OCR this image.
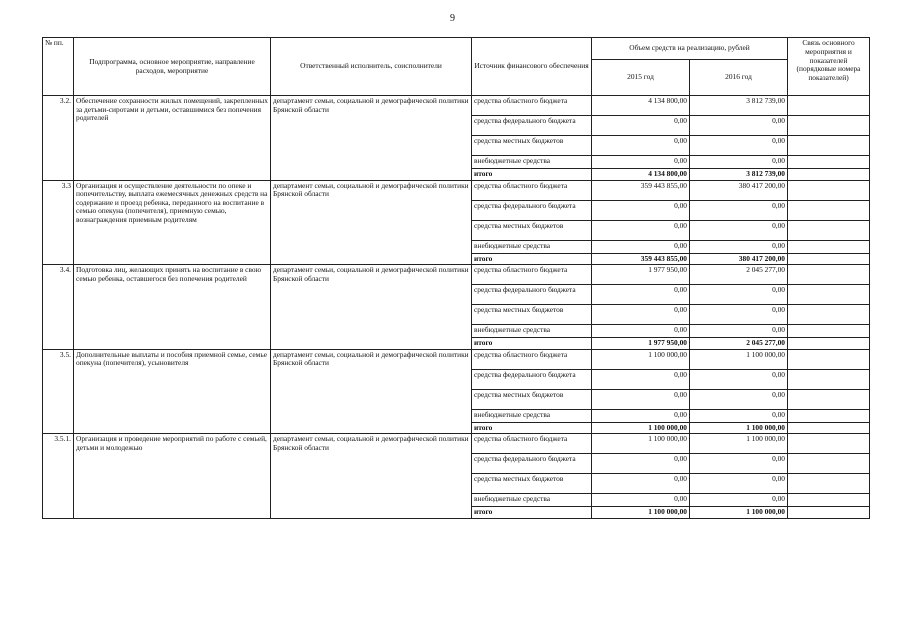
9
№ пп.	Подпрограмма, основное мероприятие, направление расходов, мероприятие	Ответственный исполнитель, соисполнители	Источник финансового обеспечения	Объем средств на реализацию, рублей		Связь основного мероприятия и показателей (порядковые номера показателей)
				2015 год	2016 год	
3.2.	Обеспечение сохранности жилых помещений, закрепленных за детьми-сиротами и детьми, оставшимися без попечения родителей	департамент семьи, социальной и демографической политики Брянской области	средства областного бюджета	4 134 800,00	3 812 739,00	
			средства федерального бюджета	0,00	0,00	
			средства местных бюджетов	0,00	0,00	
			внебюджетные средства	0,00	0,00	
			итого	4 134 800,00	3 812 739,00	
3.3	Организация и осуществление деятельности по опеке и попечительству, выплата ежемесячных денежных средств на содержание и проезд ребенка, переданного на воспитание в семью опекуна (попечителя), приемную семью, вознаграждения приемным родителям	департамент семьи, социальной и демографической политики Брянской области	средства областного бюджета	359 443 855,00	380 417 200,00	
			средства федерального бюджета	0,00	0,00	
			средства местных бюджетов	0,00	0,00	
			внебюджетные средства	0,00	0,00	
			итого	359 443 855,00	380 417 200,00	
3.4.	Подготовка лиц, желающих принять на воспитание в свою семью ребенка, оставшегося без попечения родителей	департамент семьи, социальной и демографической политики Брянской области	средства областного бюджета	1 977 950,00	2 045 277,00	
			средства федерального бюджета	0,00	0,00	
			средства местных бюджетов	0,00	0,00	
			внебюджетные средства	0,00	0,00	
			итого	1 977 950,00	2 045 277,00	
3.5.	Дополнительные выплаты и пособия приемной семье, семье опекуна (попечителя), усыновителя	департамент семьи, социальной и демографической политики Брянской области	средства областного бюджета	1 100 000,00	1 100 000,00	
			средства федерального бюджета	0,00	0,00	
			средства местных бюджетов	0,00	0,00	
			внебюджетные средства	0,00	0,00	
			итого	1 100 000,00	1 100 000,00	
3.5.1.	Организация и проведение мероприятий по работе с семьей, детьми и молодежью	департамент семьи, социальной и демографической политики Брянской области	средства областного бюджета	1 100 000,00	1 100 000,00	
			средства федерального бюджета	0,00	0,00	
			средства местных бюджетов	0,00	0,00	
			внебюджетные средства	0,00	0,00	
			итого	1 100 000,00	1 100 000,00	
